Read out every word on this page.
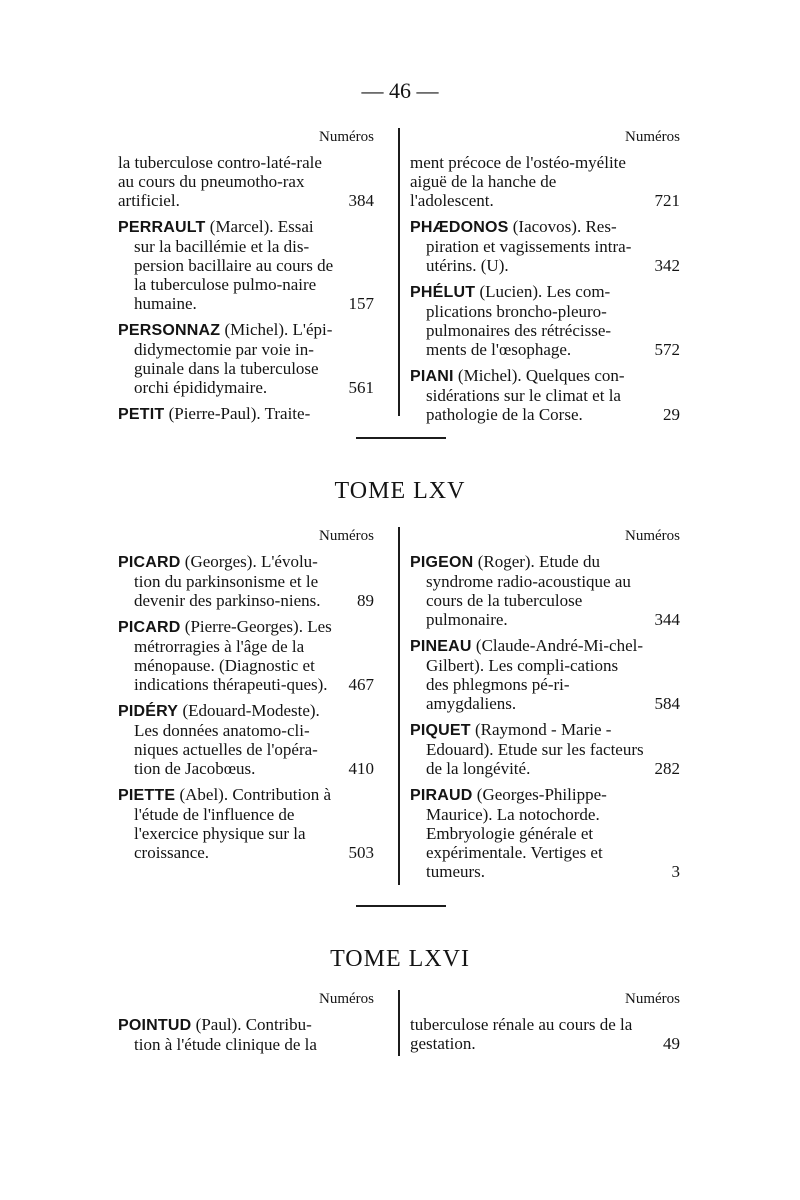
— 46 —
Numéros
la tuberculose contro-laté-rale au cours du pneumotho-rax artificiel.	384
PERRAULT (Marcel). Essai sur la bacillémie et la dis-persion bacillaire au cours de la tuberculose pulmo-naire humaine.	157
PERSONNAZ (Michel). L'épi-didymectomie par voie in-guinale dans la tuberculose orchi épididymaire.	561
PETIT (Pierre-Paul). Traite-
Numéros
ment précoce de l'ostéo-myélite aiguë de la hanche de l'adolescent.	721
PHÆDONOS (Iacovos). Res-piration et vagissements intra-utérins. (U).	342
PHÉLUT (Lucien). Les com-plications broncho-pleuro-pulmonaires des rétrécisse-ments de l'œsophage.	572
PIANI (Michel). Quelques con-sidérations sur le climat et la pathologie de la Corse.	29
TOME LXV
Numéros
PICARD (Georges). L'évolu-tion du parkinsonisme et le devenir des parkinso-niens. 89
PICARD (Pierre-Georges). Les métrorragies à l'âge de la ménopause. (Diagnostic et indications thérapeuti-ques). 467
PIDÉRY (Edouard-Modeste). Les données anatomo-cli-niques actuelles de l'opéra-tion de Jacobœus.	410
PIETTE (Abel). Contribution à l'étude de l'influence de l'exercice physique sur la croissance.	503
Numéros
PIGEON (Roger). Etude du syndrome radio-acoustique au cours de la tuberculose pulmonaire.	344
PINEAU (Claude-André-Mi-chel-Gilbert). Les compli-cations des phlegmons pé-ri-amygdaliens.	584
PIQUET (Raymond - Marie - Edouard). Etude sur les facteurs de la longévité.	282
PIRAUD (Georges-Philippe-Maurice). La notochorde. Embryologie générale et expérimentale. Vertiges et tumeurs.	3
TOME LXVI
Numéros
POINTUD (Paul). Contribu-tion à l'étude clinique de la
Numéros
tuberculose rénale au cours de la gestation.	49
